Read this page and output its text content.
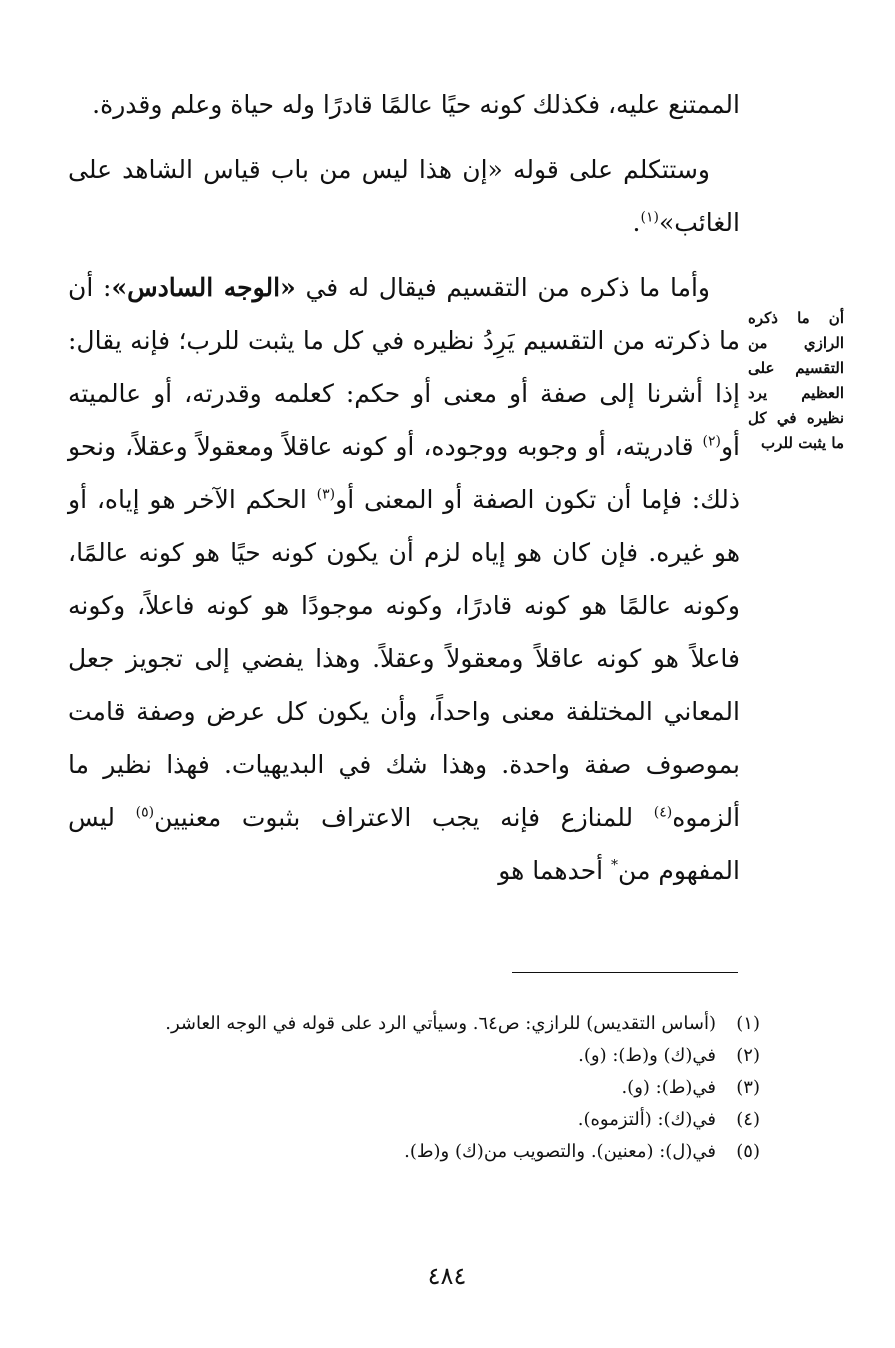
الممتنع عليه، فكذلك كونه حيًا عالمًا قادرًا وله حياة وعلم وقدرة.

وستتكلم على قوله «إن هذا ليس من باب قياس الشاهد على الغائب»$^{(١)}$.

وأما ما ذكره من التقسيم فيقال له في «الوجه السادس»: أن ما ذكرته من التقسيم يَرِدُ نظيره في كل ما يثبت للرب؛ فإنه يقال: إذا أشرنا إلى صفة أو معنى أو حكم: كعلمه وقدرته، أو عالميته أو$^{(٢)}$ قادريته، أو وجوبه ووجوده، أو كونه عاقلاً ومعقولاً وعقلاً، ونحو ذلك: فإما أن تكون الصفة أو المعنى أو$^{(٣)}$ الحكم الآخر هو إياه، أو هو غيره. فإن كان هو إياه لزم أن يكون كونه حيًا هو كونه عالمًا، وكونه عالمًا هو كونه قادرًا، وكونه موجودًا هو كونه فاعلاً، وكونه فاعلاً هو كونه عاقلاً ومعقولاً وعقلاً. وهذا يفضي إلى تجويز جعل المعاني المختلفة معنى واحداً، وأن يكون كل عرض وصفة قامت بموصوف صفة واحدة. وهذا شك في البديهيات. فهذا نظير ما ألزموه$^{(٤)}$ للمنازع فإنه يجب الاعتراف بثبوت معنيين$^{(٥)}$ ليس المفهوم من* أحدهما هو

أن ما ذكره الرازي من التقسيم على العظيم يرد نظيره في كل ما يثبت للرب
(١)
(أساس التقديس) للرازي: ص٦٤. وسيأتي الرد على قوله في الوجه العاشر.
(٢)
في(ك) و(ط): (و).
(٣)
في(ط): (و).
(٤)
في(ك): (ألتزموه).
(٥)
في(ل): (معنين). والتصويب من(ك) و(ط).
٤٨٤
